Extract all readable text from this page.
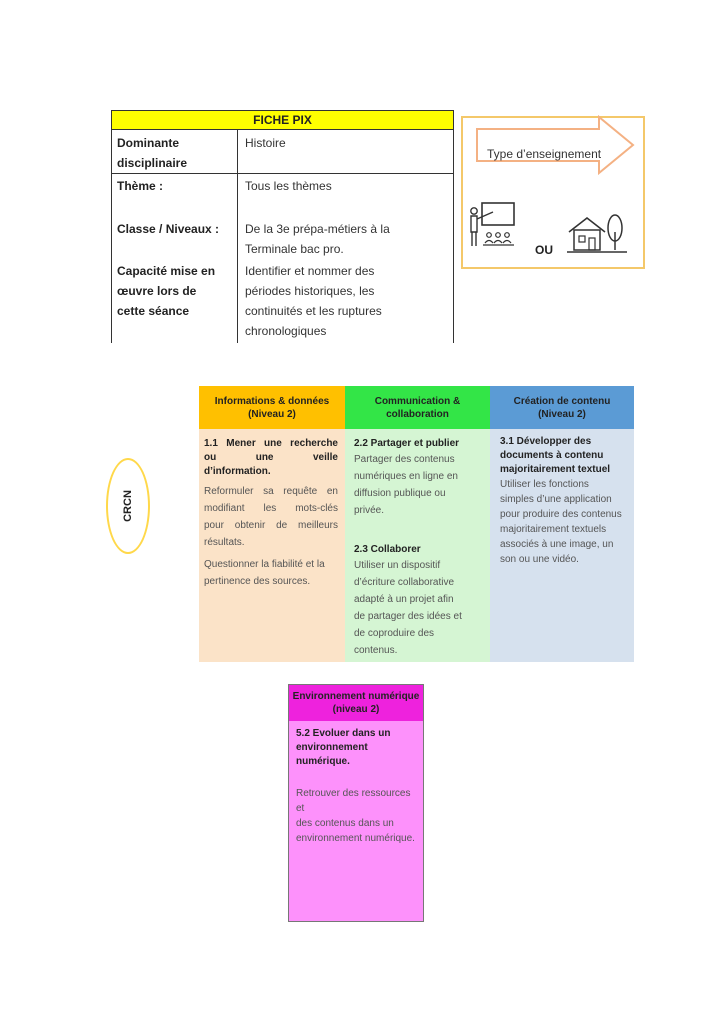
FICHE PIX
Dominante
disciplinaire
Histoire
Thème :	Tous les thèmes
Classe / Niveaux : De la 3e prépa-métiers à la
Terminale bac pro.
Capacité mise en
œuvre lors de
cette séance
Identifier et nommer des
périodes historiques, les
continuités et les ruptures
chronologiques
Type d’enseignement
OU
CRCN
Informations & données
(Niveau 2)
1.1 Mener une recherche
ou une veille
d’information.
Reformuler sa requête en
modifiant les mots-clés
pour obtenir de meilleurs
résultats.
Questionner la fiabilité et la
pertinence des sources.
Communication &
collaboration
2.2 Partager et publier
Partager des contenus
numériques en ligne en
diffusion publique ou
privée.
2.3 Collaborer
Utiliser un dispositif
d’écriture collaborative
adapté à un projet afin
de partager des idées et
de coproduire des
contenus.
Création de contenu
(Niveau 2)
3.1 Développer des
documents à contenu
majoritairement textuel
Utiliser les fonctions
simples d’une application
pour produire des contenus
majoritairement textuels
associés à une image, un
son ou une vidéo.
Environnement numérique
(niveau 2)
5.2 Evoluer dans un
environnement numérique.
Retrouver des ressources et
des contenus dans un
environnement numérique.
